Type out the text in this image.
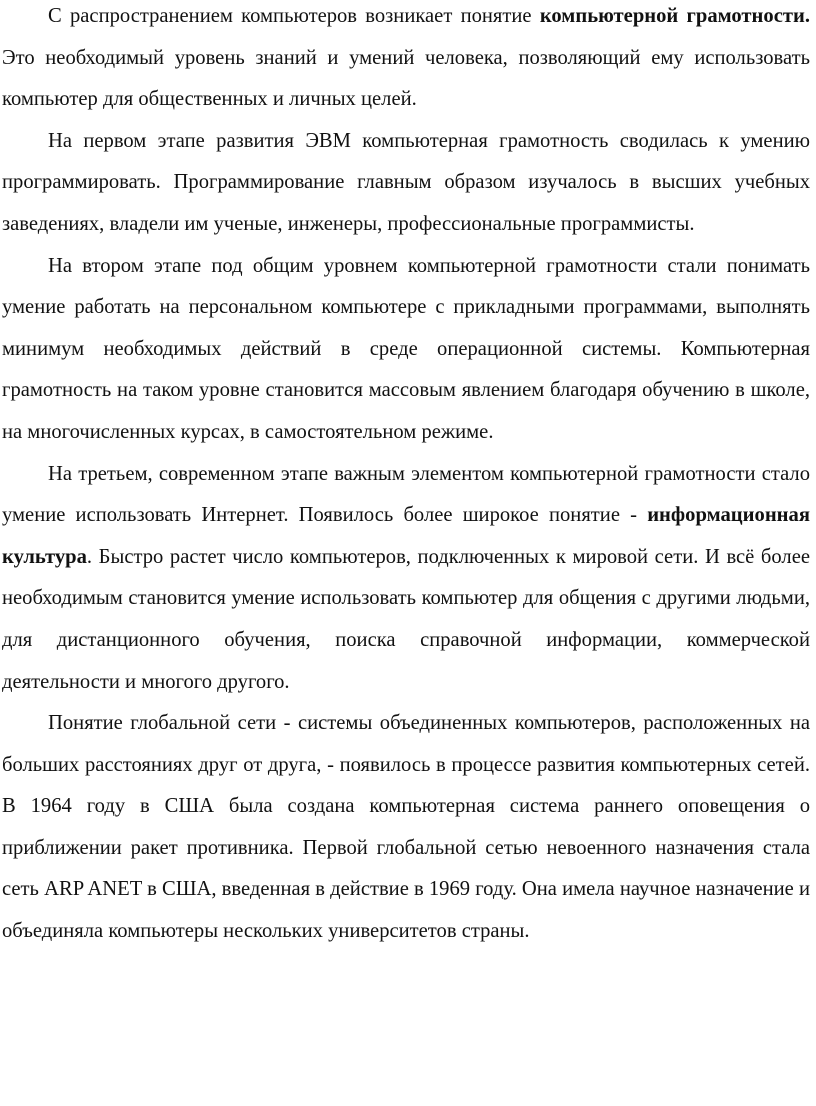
С распространением компьютеров возникает понятие компьютерной грамотности. Это необходимый уровень знаний и умений человека, позволяющий ему использовать компьютер для общественных и личных целей.

На первом этапе развития ЭВМ компьютерная грамотность сводилась к умению программировать. Программирование главным образом изучалось в высших учебных заведениях, владели им ученые, инженеры, профессиональные программисты.

На втором этапе под общим уровнем компьютерной грамотности стали понимать умение работать на персональном компьютере с прикладными программами, выполнять минимум необходимых действий в среде операционной системы. Компьютерная грамотность на таком уровне становится массовым явлением благодаря обучению в школе, на многочисленных курсах, в самостоятельном режиме.

На третьем, современном этапе важным элементом компьютерной грамотности стало умение использовать Интернет. Появилось более широкое понятие - информационная культура. Быстро растет число компьютеров, подключенных к мировой сети. И всё более необходимым становится умение использовать компьютер для общения с другими людьми, для дистанционного обучения, поиска справочной информации, коммерческой деятельности и многого другого.

Понятие глобальной сети - системы объединенных компьютеров, расположенных на больших расстояниях друг от друга, - появилось в процессе развития компьютерных сетей. В 1964 году в США была создана компьютерная система раннего оповещения о приближении ракет противника. Первой глобальной сетью невоенного назначения стала сеть ARP ANET в США, введенная в действие в 1969 году. Она имела научное назначение и объединяла компьютеры нескольких университетов страны.
